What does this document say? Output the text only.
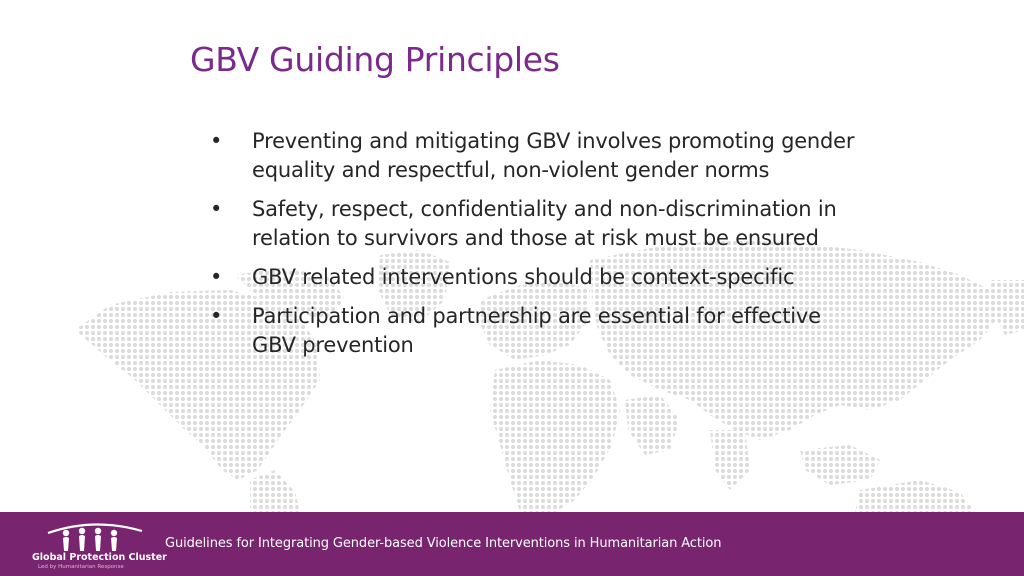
GBV Guiding Principles
•	Preventing and mitigating GBV involves promoting gender equality and respectful, non-violent gender norms
•	Safety, respect, confidentiality and non-discrimination in relation to survivors and those at risk must be ensured
•	GBV related interventions should be context-specific
•	Participation and partnership are essential for effective GBV prevention
Global Protection Cluster
Led by Humanitarian Response
Guidelines for Integrating Gender-based Violence Interventions in Humanitarian Action
